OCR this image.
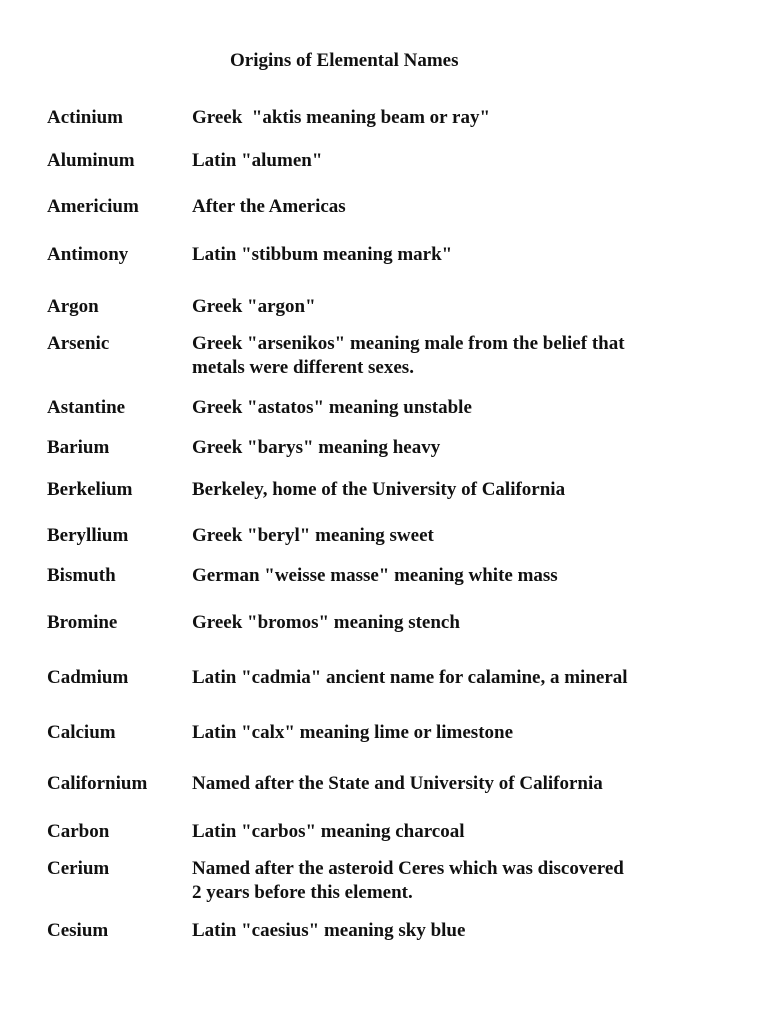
Origins of Elemental Names
Actinium	Greek  "aktis meaning beam or ray"
Aluminum	Latin "alumen"
Americium	After the Americas
Antimony	Latin "stibbum meaning mark"
Argon	Greek "argon"
Arsenic	Greek "arsenikos" meaning male from the belief that
metals were different sexes.
Astantine	Greek "astatos" meaning unstable
Barium	Greek "barys" meaning heavy
Berkelium	Berkeley, home of the University of California
Beryllium	Greek "beryl" meaning sweet
Bismuth	German "weisse masse" meaning white mass
Bromine	Greek "bromos" meaning stench
Cadmium	Latin "cadmia" ancient name for calamine, a mineral
Calcium	Latin "calx" meaning lime or limestone
Californium Named after the State and University of California
Carbon	Latin "carbos" meaning charcoal
Cerium	Named after the asteroid Ceres which was discovered
2 years before this element.
Cesium	Latin "caesius" meaning sky blue
